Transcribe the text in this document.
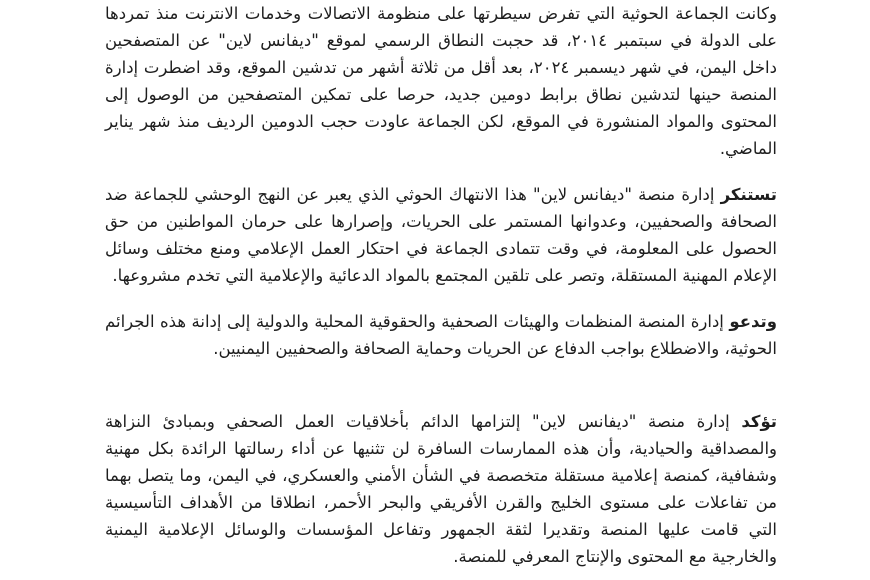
وكانت الجماعة الحوثية التي تفرض سيطرتها على منظومة الاتصالات وخدمات الانترنت منذ تمردها على الدولة في سبتمبر ٢٠١٤، قد حجبت النطاق الرسمي لموقع "ديفانس لاين" عن المتصفحين داخل اليمن، في شهر ديسمبر ٢٠٢٤، بعد أقل من ثلاثة أشهر من تدشين الموقع، وقد اضطرت إدارة المنصة حينها لتدشين نطاق برابط دومين جديد، حرصا على تمكين المتصفحين من الوصول إلى المحتوى والمواد المنشورة في الموقع، لكن الجماعة عاودت حجب الدومين الرديف منذ شهر يناير الماضي.

تستنكر إدارة منصة "ديفانس لاين" هذا الانتهاك الحوثي الذي يعبر عن النهج الوحشي للجماعة ضد الصحافة والصحفيين، وعدوانها المستمر على الحريات، وإصرارها على حرمان المواطنين من حق الحصول على المعلومة، في وقت تتمادى الجماعة في احتكار العمل الإعلامي ومنع مختلف وسائل الإعلام المهنية المستقلة، وتصر على تلقين المجتمع بالمواد الدعائية والإعلامية التي تخدم مشروعها.

وتدعو إدارة المنصة المنظمات والهيئات الصحفية والحقوقية المحلية والدولية إلى إدانة هذه الجرائم الحوثية، والاضطلاع بواجب الدفاع عن الحريات وحماية الصحافة والصحفيين اليمنيين.

تؤكد إدارة منصة "ديفانس لاين" إلتزامها الدائم بأخلاقيات العمل الصحفي وبمبادئ النزاهة والمصداقية والحيادية، وأن هذه الممارسات السافرة لن تثنيها عن أداء رسالتها الرائدة بكل مهنية وشفافية، كمنصة إعلامية مستقلة متخصصة في الشأن الأمني والعسكري، في اليمن، وما يتصل بهما من تفاعلات على مستوى الخليج والقرن الأفريقي والبحر الأحمر، انطلاقا من الأهداف التأسيسية التي قامت عليها المنصة وتقديرا لثقة الجمهور وتفاعل المؤسسات والوسائل الإعلامية اليمنية والخارجية مع المحتوى والإنتاج المعرفي للمنصة.
